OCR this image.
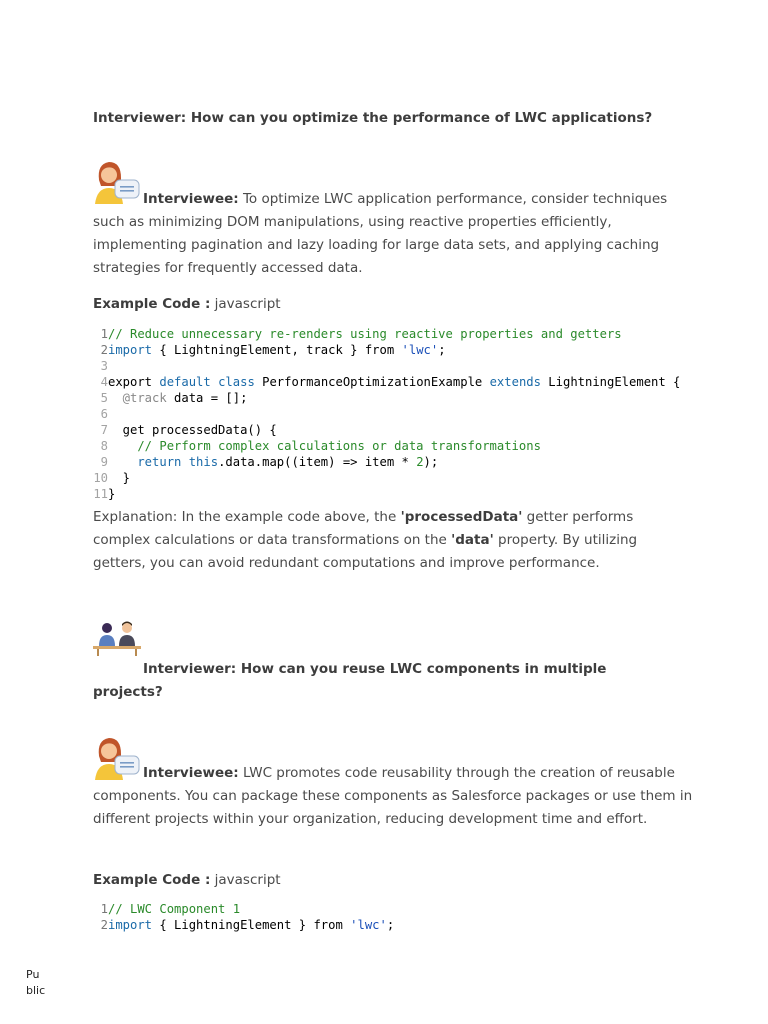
Interviewer: How can you optimize the performance of LWC applications?

Interviewee: To optimize LWC application performance, consider techniques such as minimizing DOM manipulations, using reactive properties efficiently, implementing pagination and lazy loading for large data sets, and applying caching strategies for frequently accessed data.

Example Code : javascript

1// Reduce unnecessary re-renders using reactive properties and getters
2import { LightningElement, track } from 'lwc';
3
4export default class PerformanceOptimizationExample extends LightningElement {
5  @track data = [];
6
7  get processedData() {
8    // Perform complex calculations or data transformations
9    return this.data.map((item) => item * 2);
10  }
11}

Explanation: In the example code above, the 'processedData' getter performs complex calculations or data transformations on the 'data' property. By utilizing getters, you can avoid redundant computations and improve performance.

Interviewer: How can you reuse LWC components in multiple
projects?

Interviewee: LWC promotes code reusability through the creation of reusable components. You can package these components as Salesforce packages or use them in different projects within your organization, reducing development time and effort.

Example Code : javascript

1// LWC Component 1
2import { LightningElement } from 'lwc';
Pu
blic
